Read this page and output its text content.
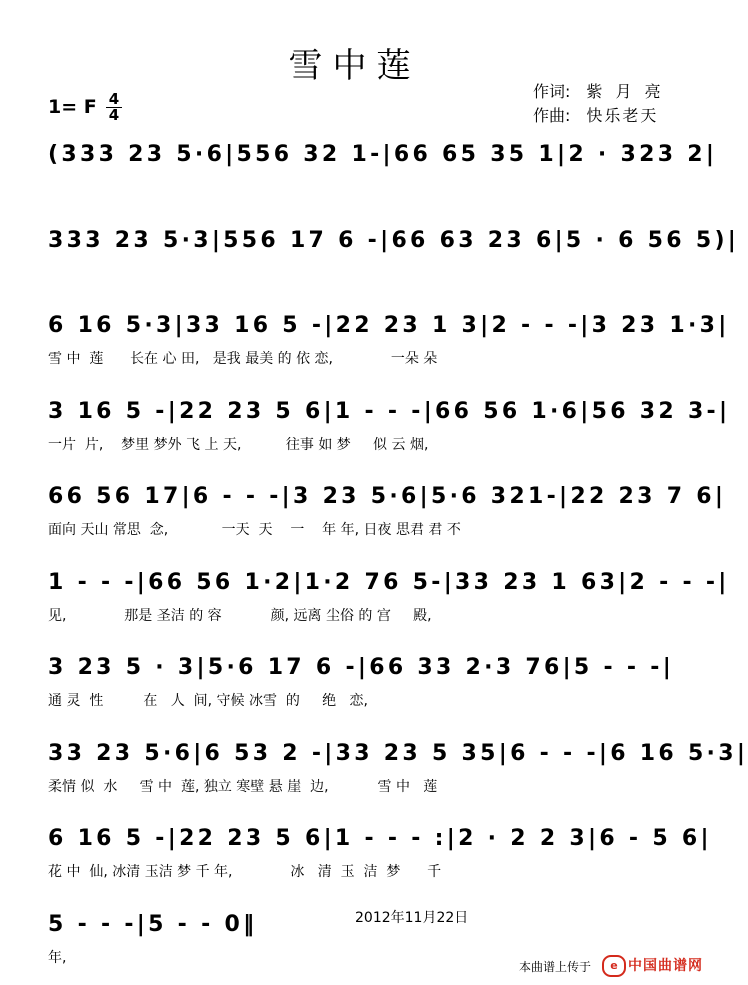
雪中莲
作词: 紫 月 亮
作曲: 快乐老天
1= F $\frac{4}{4}$
(333 23 5·6|556 32 1-|66 65 35 1|2 · 323 2|
333 23 5·3|556 17 6 -|66 63 23 6|5 · 6 56 5)|
6 16 5·3|33 16 5 -|22 23 1 3|2 - - -|3 23 1·3|
雪 中  莲      长在 心 田,   是我 最美 的 依 恋,             一朵 朵
3 16 5 -|22 23 5 6|1 - - -|66 56 1·6|56 32 3-|
一片  片,    梦里 梦外 飞 上 天,          往事 如 梦     似 云 烟,
66 56 17|6 - - -|3 23 5·6|5·6 321-|22 23 7 6|
面向 天山 常思  念,            一天  天    一    年 年, 日夜 思君 君 不
1 - - -|66 56 1·2|1·2 76 5-|33 23 1 63|2 - - -|
见,             那是 圣洁 的 容           颜, 远离 尘俗 的 宫     殿,
3 23 5 · 3|5·6 17 6 -|66 33 2·3 76|5 - - -|
通 灵  性         在   人  间, 守候 冰雪  的     绝   恋,
33 23 5·6|6 53 2 -|33 23 5 35|6 - - -|6 16 5·3|
柔情 似  水     雪 中  莲, 独立 寒壁 悬 崖  边,           雪 中   莲
6 16 5 -|22 23 5 6|1 - - - :|2 · 2 2 3|6 - 5 6|
花 中  仙, 冰清 玉洁 梦 千 年,             冰   清  玉  洁  梦      千
5 - - -|5 - - 0‖
年,
2012年11月22日
本曲谱上传于	e 中国曲谱网
